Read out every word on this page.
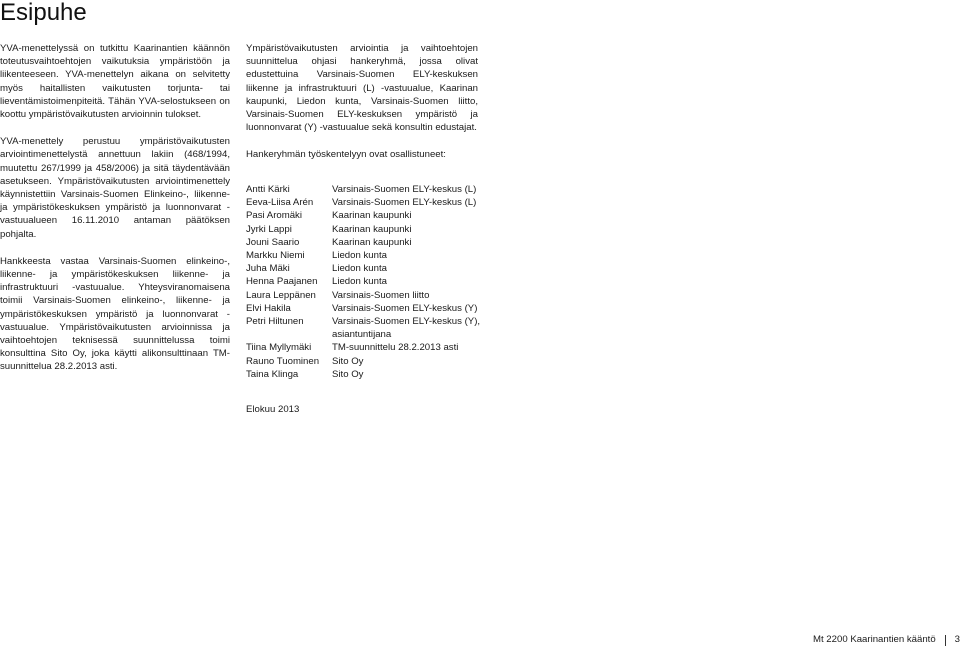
Esipuhe

YVA-menettelyssä on tutkittu Kaarinantien käännön toteutusvaihtoehtojen vaikutuksia ympäristöön ja liikenteeseen. YVA-menettelyn aikana on selvitetty myös haitallisten vaikutusten torjunta- tai lieventämistoimenpiteitä. Tähän YVA-selostukseen on koottu ympäristövaikutusten arvioinnin tulokset.

YVA-menettely perustuu ympäristövaikutusten arviointimenettelystä annettuun lakiin (468/1994, muutettu 267/1999 ja 458/2006) ja sitä täydentävään asetukseen. Ympäristövaikutusten arviointimenettely käynnistettiin Varsinais-Suomen Elinkeino-, liikenne- ja ympäristökeskuksen ympäristö ja luonnonvarat -vastuualueen 16.11.2010 antaman päätöksen pohjalta.

Hankkeesta vastaa Varsinais-Suomen elinkeino-, liikenne- ja ympäristökeskuksen liikenne- ja infrastruktuuri -vastuualue. Yhteysviranomaisena toimii Varsinais-Suomen elinkeino-, liikenne- ja ympäristökeskuksen ympäristö ja luonnonvarat -vastuualue. Ympäristövaikutusten arvioinnissa ja vaihtoehtojen teknisessä suunnittelussa toimi konsulttina Sito Oy, joka käytti alikonsulttinaan TM-suunnittelua 28.2.2013 asti.

Ympäristövaikutusten arviointia ja vaihtoehtojen suunnittelua ohjasi hankeryhmä, jossa olivat edustettuina Varsinais-Suomen ELY-keskuksen liikenne ja infrastruktuuri (L) -vastuualue, Kaarinan kaupunki, Liedon kunta, Varsinais-Suomen liitto, Varsinais-Suomen ELY-keskuksen ympäristö ja luonnonvarat (Y) -vastuualue sekä konsultin edustajat.

Hankeryhmän työskentelyyn ovat osallistuneet:

Antti Kärki	Varsinais-Suomen ELY-keskus (L)
Eeva-Liisa Arén	Varsinais-Suomen ELY-keskus (L)
Pasi Aromäki	Kaarinan kaupunki
Jyrki Lappi	Kaarinan kaupunki
Jouni Saario	Kaarinan kaupunki
Markku Niemi	Liedon kunta
Juha Mäki	Liedon kunta
Henna Paajanen	Liedon kunta
Laura Leppänen	Varsinais-Suomen liitto
Elvi Hakila	Varsinais-Suomen ELY-keskus (Y)
Petri Hiltunen	Varsinais-Suomen ELY-keskus (Y),
asiantuntijana
Tiina Myllymäki	TM-suunnittelu 28.2.2013 asti
Rauno Tuominen	Sito Oy
Taina Klinga	Sito Oy
Elokuu 2013
Mt 2200 Kaarinantien kääntö 3
